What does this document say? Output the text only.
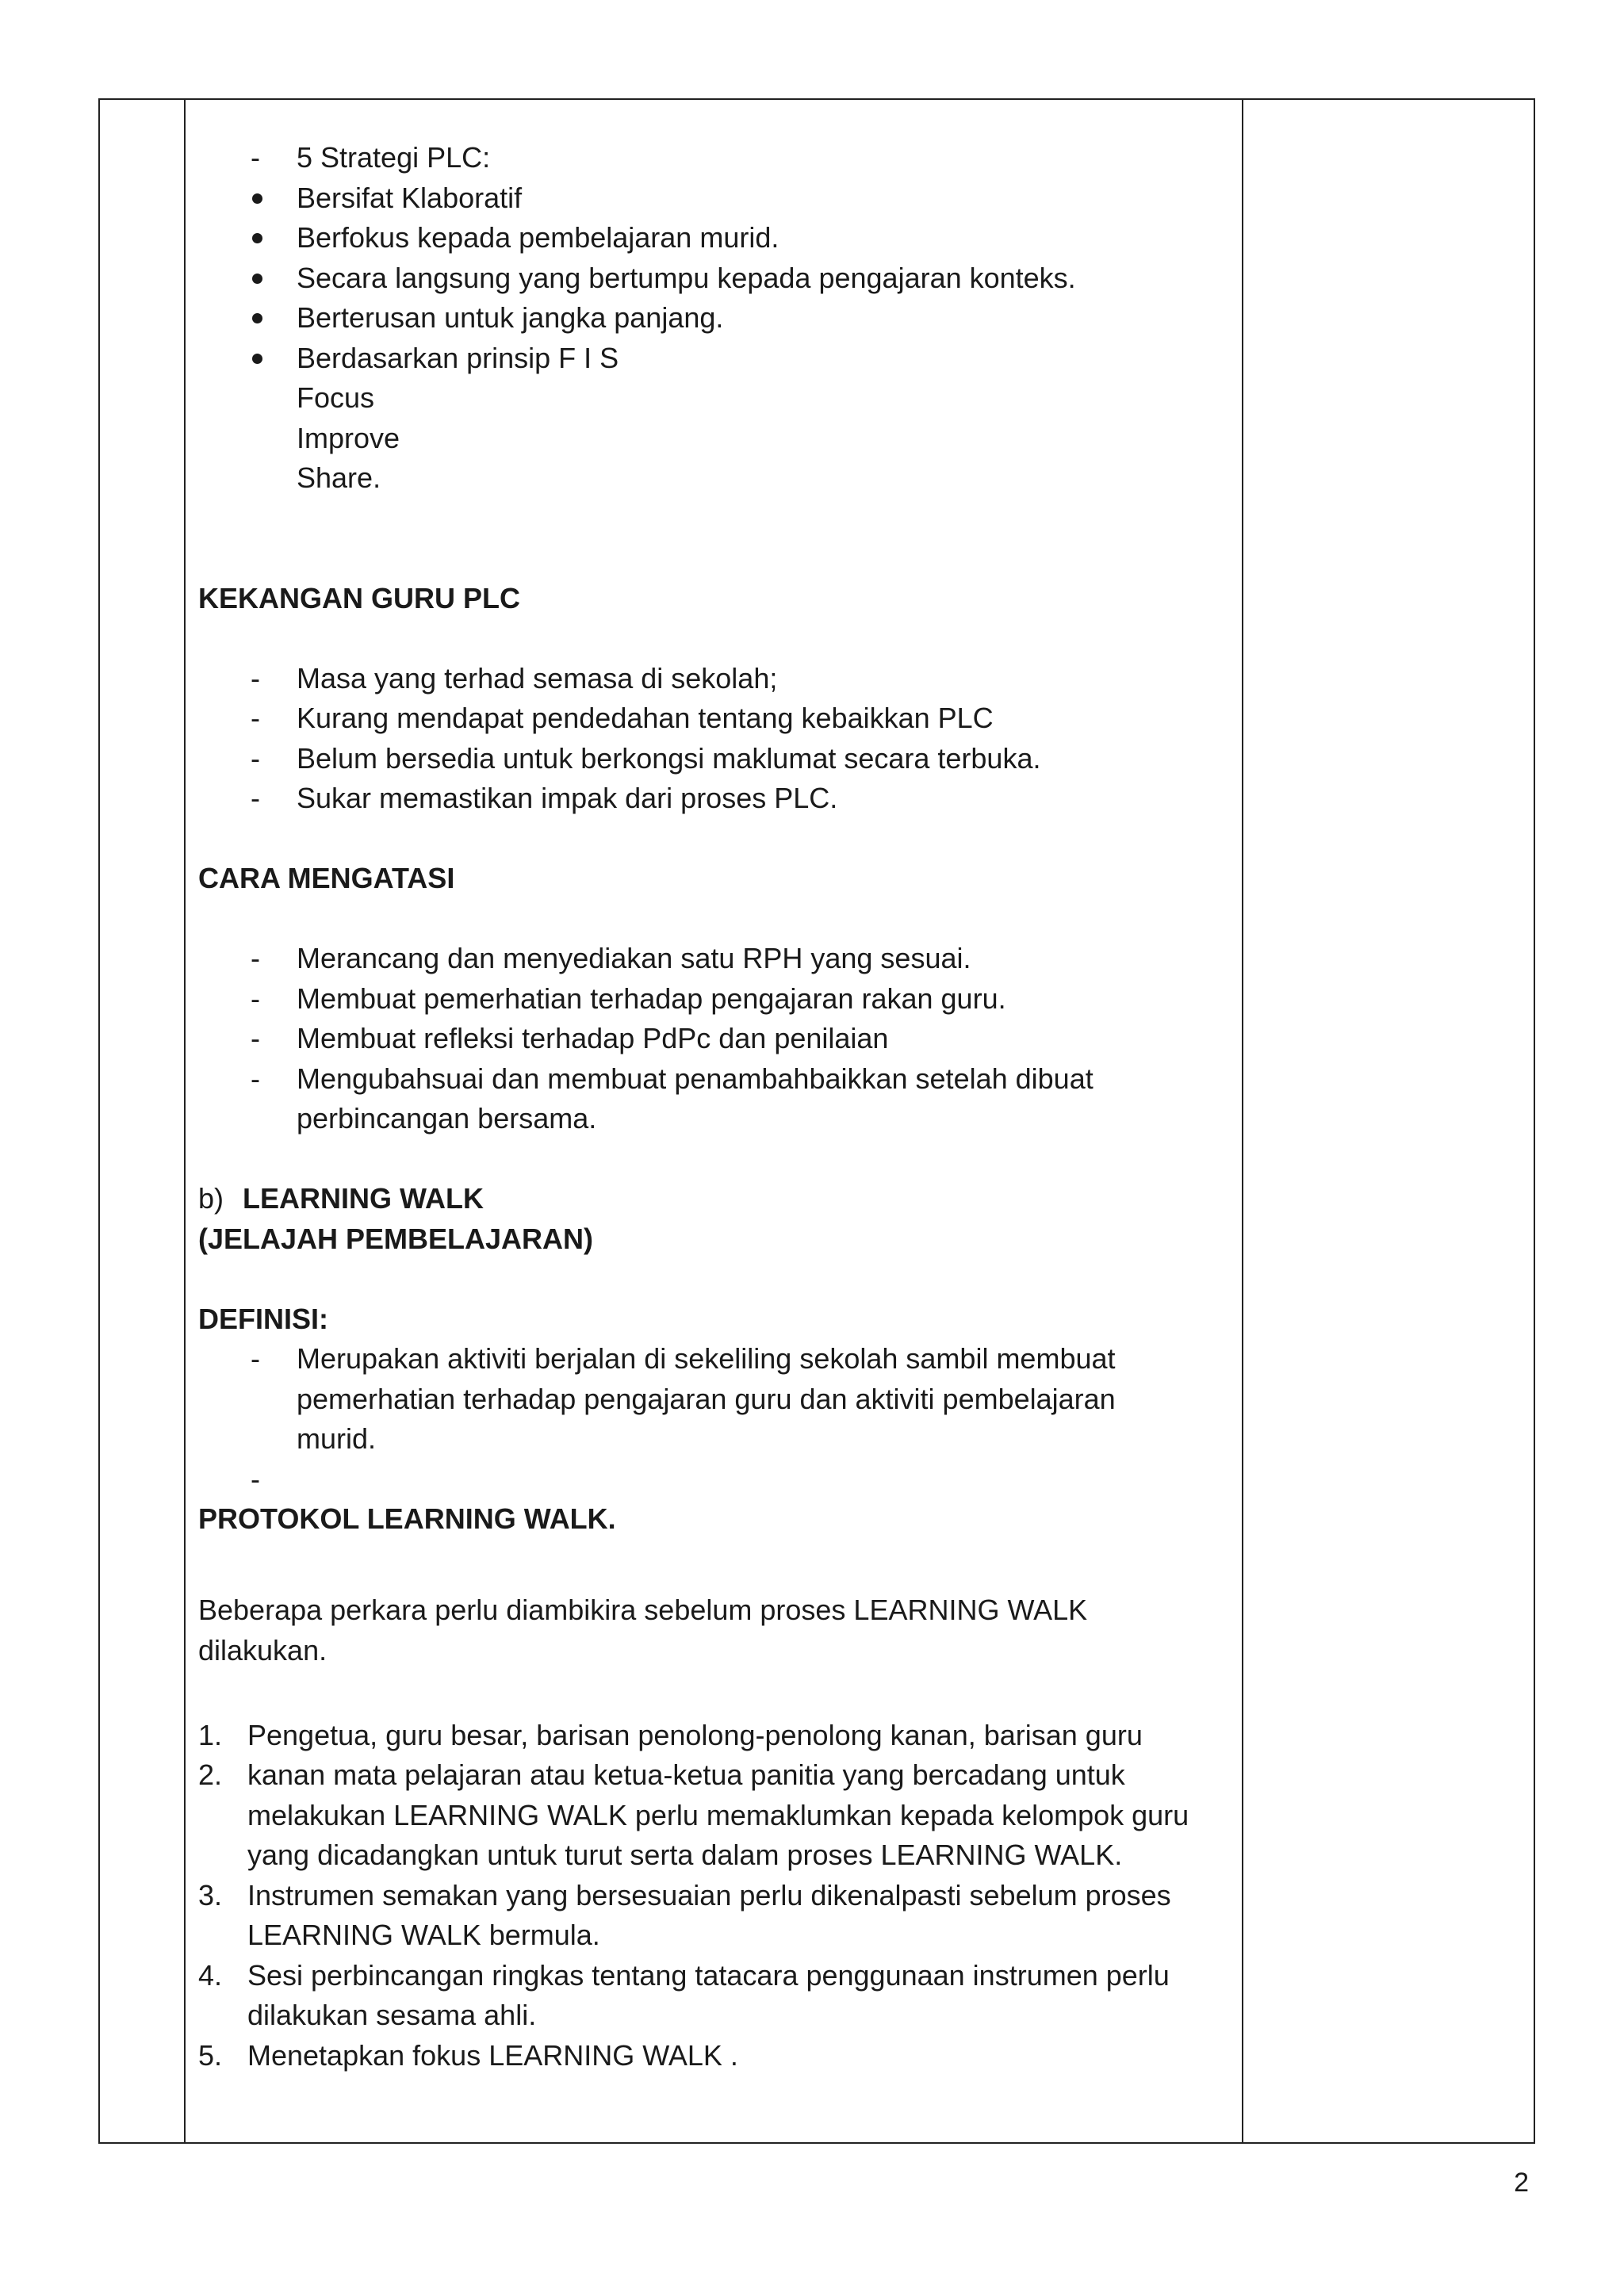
-	5 Strategi PLC:
Bersifat Klaboratif
Berfokus kepada pembelajaran murid.
Secara langsung yang bertumpu kepada pengajaran konteks.
Berterusan untuk jangka panjang.
Berdasarkan prinsip F I S
Focus
Improve
Share.
KEKANGAN GURU PLC
-	Masa yang terhad semasa di sekolah;
-	Kurang mendapat pendedahan tentang kebaikkan PLC
-	Belum bersedia untuk berkongsi maklumat secara terbuka.
-	Sukar memastikan impak dari proses PLC.
CARA MENGATASI
-	Merancang dan menyediakan satu RPH yang sesuai.
-	Membuat pemerhatian terhadap pengajaran rakan guru.
-	Membuat refleksi terhadap PdPc dan penilaian
-	Mengubahsuai dan membuat penambahbaikkan setelah dibuat
perbincangan bersama.
b) LEARNING WALK
(JELAJAH PEMBELAJARAN)
DEFINISI:
-	Merupakan aktiviti berjalan di sekeliling sekolah sambil membuat
pemerhatian terhadap pengajaran guru dan aktiviti pembelajaran
murid.
-
PROTOKOL LEARNING WALK.
Beberapa perkara perlu diambikira sebelum proses LEARNING WALK
dilakukan.
1. Pengetua, guru besar, barisan penolong-penolong kanan, barisan guru
2. kanan mata pelajaran atau ketua-ketua panitia yang bercadang untuk
melakukan LEARNING WALK perlu memaklumkan kepada kelompok guru
yang dicadangkan untuk turut serta dalam proses LEARNING WALK.
3. Instrumen semakan yang bersesuaian perlu dikenalpasti sebelum proses
LEARNING WALK bermula.
4. Sesi perbincangan ringkas tentang tatacara penggunaan instrumen perlu
dilakukan sesama ahli.
5. Menetapkan fokus LEARNING WALK .
2
